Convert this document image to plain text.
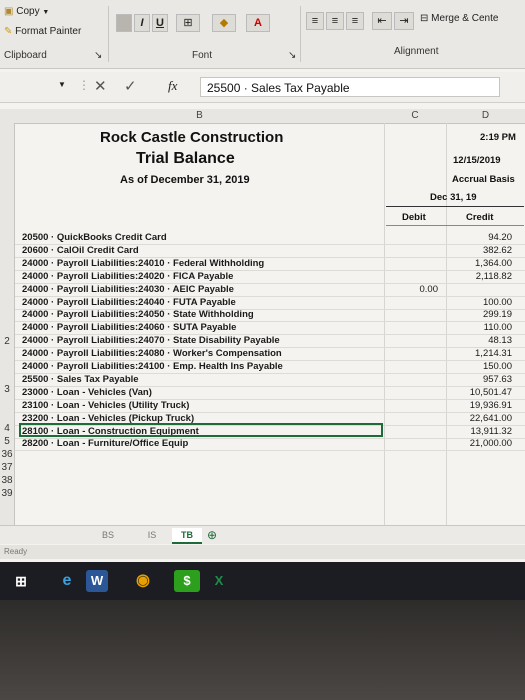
▣ Copy ▼
✎ Format Painter
Clipboard	↘
I	U	⊞	◆	A
Font	↘
≡	≡	≡	⇤	⇥	⊟ Merge & Cente
Alignment
▼ ⋮ ✕ ✓ fx	25500 · Sales Tax Payable
B	C	D
2
3
4
5
36
37
38
39
Rock Castle Construction
Trial Balance
As of December 31, 2019
2:19 PM
12/15/2019
Accrual Basis
Dec 31, 19
Debit	Credit
20500 · QuickBooks Credit Card	94.20
20600 · CalOil Credit Card	382.62
24000 · Payroll Liabilities:24010 · Federal Withholding	1,364.00
24000 · Payroll Liabilities:24020 · FICA Payable	2,118.82
24000 · Payroll Liabilities:24030 · AEIC Payable	0.00
24000 · Payroll Liabilities:24040 · FUTA Payable	100.00
24000 · Payroll Liabilities:24050 · State Withholding	299.19
24000 · Payroll Liabilities:24060 · SUTA Payable	110.00
24000 · Payroll Liabilities:24070 · State Disability Payable	48.13
24000 · Payroll Liabilities:24080 · Worker's Compensation	1,214.31
24000 · Payroll Liabilities:24100 · Emp. Health Ins Payable	150.00
25500 · Sales Tax Payable	957.63
23000 · Loan - Vehicles (Van)	10,501.47
23100 · Loan - Vehicles (Utility Truck)	19,936.91
23200 · Loan - Vehicles (Pickup Truck)	22,641.00
28100 · Loan - Construction Equipment	13,911.32
28200 · Loan - Furniture/Office Equip	21,000.00
BS	IS	TB	⊕
Ready
⊞	e	W	◉	$	X
